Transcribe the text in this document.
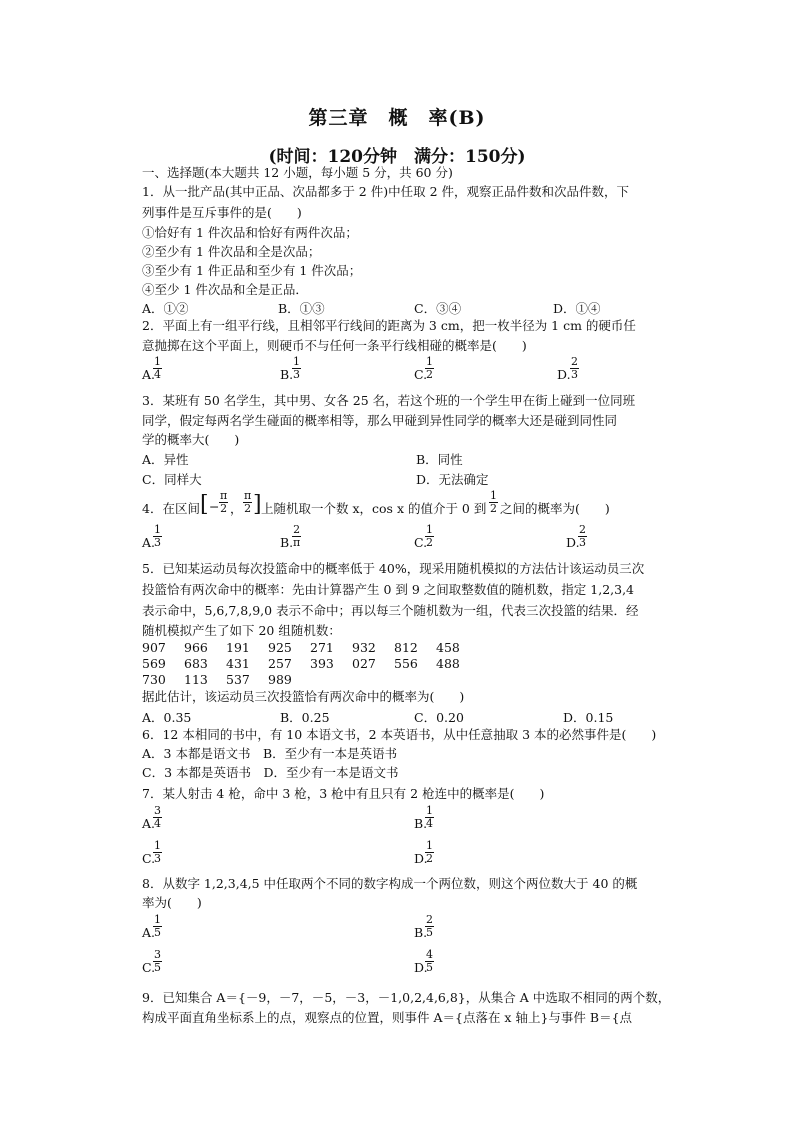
第三章　概　率(B)
(时间：120分钟　满分：150分)
一、选择题(本大题共 12 小题，每小题 5 分，共 60 分)
1．从一批产品(其中正品、次品都多于 2 件)中任取 2 件，观察正品件数和次品件数，下
列事件是互斥事件的是(　　)
①恰好有 1 件次品和恰好有两件次品；
②至少有 1 件次品和全是次品；
③至少有 1 件正品和至少有 1 件次品；
④至少 1 件次品和全是正品．
A．①②	B．①③	C．③④	D．①④
2．平面上有一组平行线，且相邻平行线间的距离为 3 cm，把一枚半径为 1 cm 的硬币任
意抛掷在这个平面上，则硬币不与任何一条平行线相碰的概率是(　　)
A.
$\frac{1}{4}$	B.
$\frac{1}{3}$	C.
$\frac{1}{2}$	D. $\frac{2}{3}$
3．某班有 50 名学生，其中男、女各 25 名，若这个班的一个学生甲在街上碰到一位同班
同学，假定每两名学生碰面的概率相等，那么甲碰到异性同学的概率大还是碰到同性同
学的概率大(　　)
A．异性	B．同性
C．同样大	D．无法确定
4．在区间 [ − $\frac{\pi}{2}$ ， $\frac{\pi}{2}$ ] 上随机取一个数 x，cos x 的值介于 0 到 $\frac{1}{2}$ 之间的概率为(　　)
A.
$\frac{1}{3}$	B.
$\frac{2}{\pi}$	C.
$\frac{1}{2}$	D.
$\frac{2}{3}$
5．已知某运动员每次投篮命中的概率低于 40%，现采用随机模拟的方法估计该运动员三次
投篮恰有两次命中的概率：先由计算器产生 0 到 9 之间取整数值的随机数，指定 1,2,3,4
表示命中，5,6,7,8,9,0 表示不命中；再以每三个随机数为一组，代表三次投篮的结果．经
随机模拟产生了如下 20 组随机数：
907 966 191 925 271 932 812 458
569 683 431 257 393 027 556 488
730 113 537 989
据此估计，该运动员三次投篮恰有两次命中的概率为(　　)
A．0.35	B．0.25	C．0.20	D．0.15
6．12 本相同的书中，有 10 本语文书，2 本英语书，从中任意抽取 3 本的必然事件是(　　)
A．3 本都是语文书　B．至少有一本是英语书
C．3 本都是英语书　D．至少有一本是语文书
7．某人射击 4 枪，命中 3 枪，3 枪中有且只有 2 枪连中的概率是(　　)
A.
$\frac{3}{4}$	B.
$\frac{1}{4}$
C.
$\frac{1}{3}$	D.
$\frac{1}{2}$
8．从数字 1,2,3,4,5 中任取两个不同的数字构成一个两位数，则这个两位数大于 40 的概
率为(　　)
A.
$\frac{1}{5}$	B.
$\frac{2}{5}$
C.
$\frac{3}{5}$	D.
$\frac{4}{5}$
9．已知集合 A＝{－9，－7，－5，－3，－1,0,2,4,6,8}，从集合 A 中选取不相同的两个数，
构成平面直角坐标系上的点，观察点的位置，则事件 A＝{点落在 x 轴上}与事件 B＝{点
